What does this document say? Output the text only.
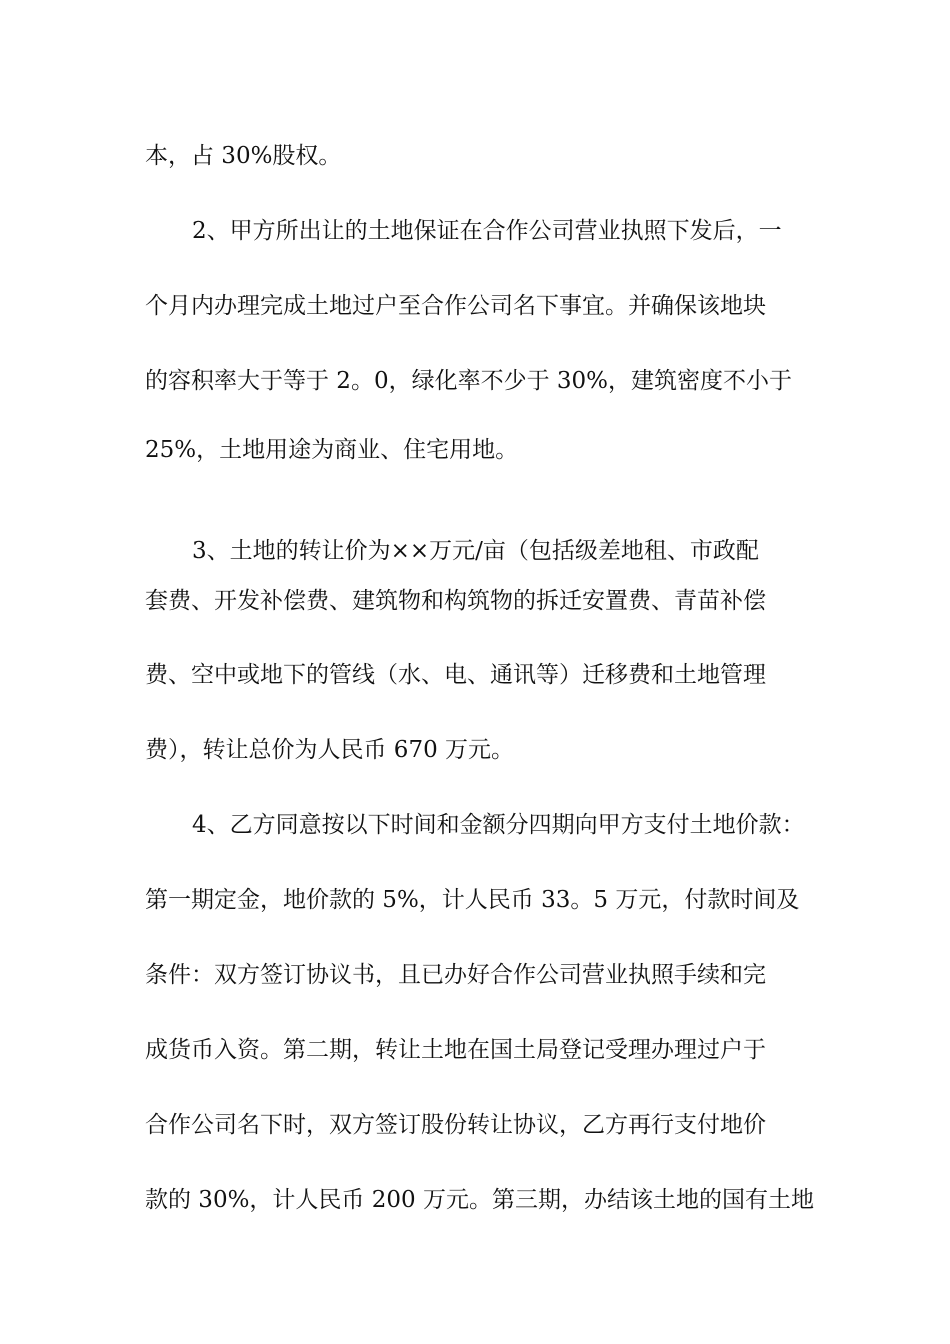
本，占 30%股权。
2、甲方所出让的土地保证在合作公司营业执照下发后，一
个月内办理完成土地过户至合作公司名下事宜。并确保该地块
的容积率大于等于 2。0，绿化率不少于 30%，建筑密度不小于
25%，土地用途为商业、住宅用地。
3、土地的转让价为××万元/亩（包括级差地租、市政配
套费、开发补偿费、建筑物和构筑物的拆迁安置费、青苗补偿
费、空中或地下的管线（水、电、通讯等）迁移费和土地管理
费），转让总价为人民币 670 万元。
4、乙方同意按以下时间和金额分四期向甲方支付土地价款：
第一期定金，地价款的 5%，计人民币 33。5 万元，付款时间及
条件：双方签订协议书，且已办好合作公司营业执照手续和完
成货币入资。第二期，转让土地在国土局登记受理办理过户于
合作公司名下时，双方签订股份转让协议，乙方再行支付地价
款的 30%，计人民币 200 万元。第三期，办结该土地的国有土地
